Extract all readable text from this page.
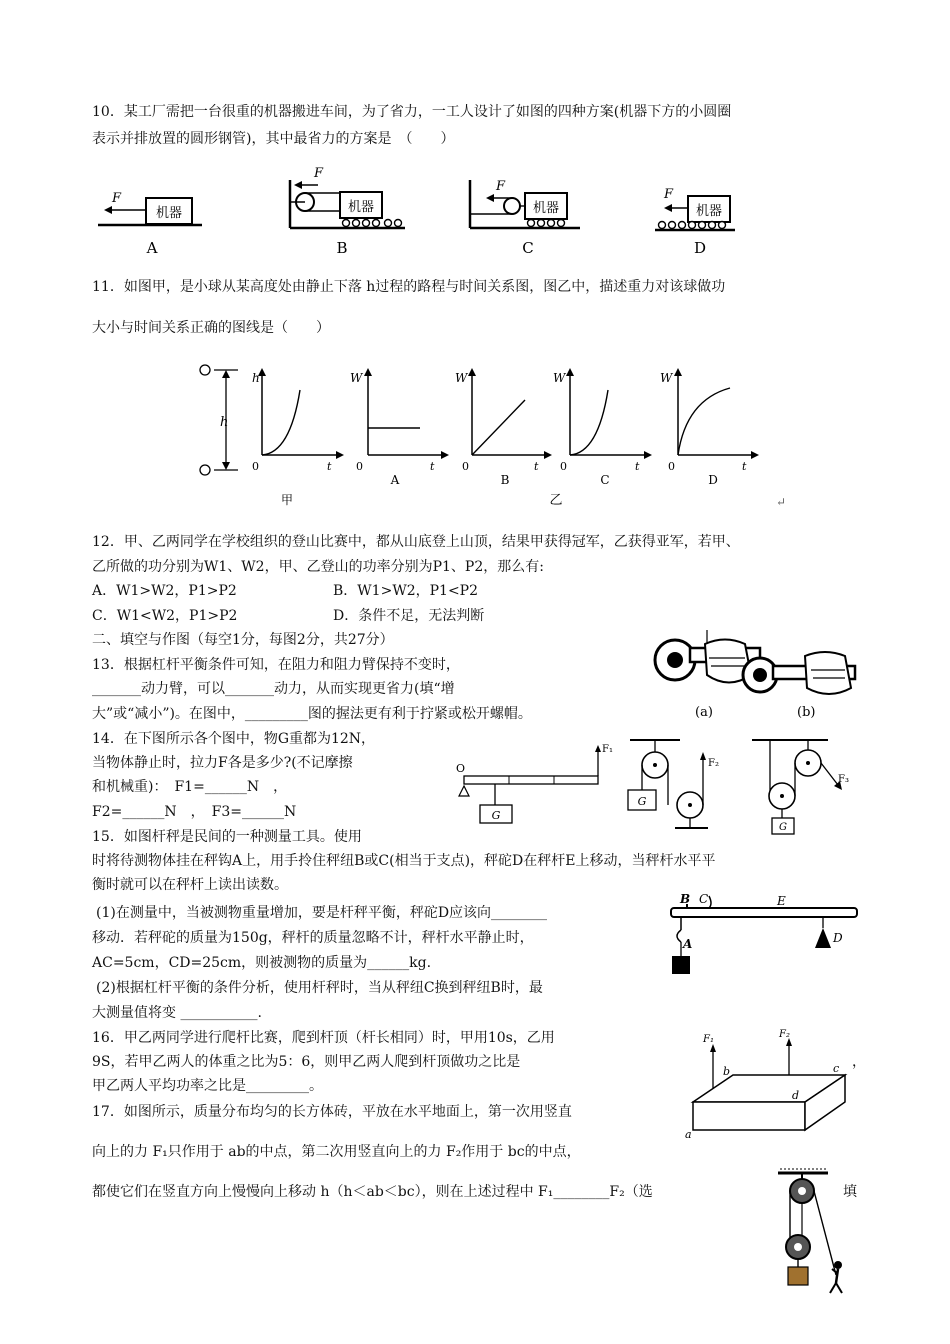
10．某工厂需把一台很重的机器搬进车间，为了省力，一工人设计了如图的四种方案(机器下方的小圆圈
表示并排放置的圆形钢管)，其中最省力的方案是　（　　）
机器
F
A
F
机器
B
F
机器
C
机器
F
D
11．如图甲，是小球从某高度处由静止下落 h过程的路程与时间关系图，图乙中，描述重力对该球做功
大小与时间关系正确的图线是（　　）
h
h
0	t
W
0	t
A
W
0	t
B
W
0	t
C
W
0	t
D
甲	乙	↵
12．甲、乙两同学在学校组织的登山比赛中，都从山底登上山顶，结果甲获得冠军，乙获得亚军，若甲、
乙所做的功分别为W1、W2，甲、乙登山的功率分别为P1、P2，那么有:
A．W1>W2，P1>P2	B．W1>W2，P1<P2
C．W1<W2，P1>P2	D．条件不足，无法判断
二、填空与作图（每空1分，每图2分，共27分）
13．根据杠杆平衡条件可知，在阻力和阻力臂保持不变时，
_______动力臂，可以_______动力，从而实现更省力(填“增
大”或“减小”)。在图中，_________图的握法更有利于拧紧或松开螺帽。	(a)	(b)
14．在下图所示各个图中，物G重都为12N，
当物体静止时，拉力F各是多少?(不记摩擦
和机械重)：　F1=______N　，
F2=______N　，　F3=______N
O
F₁
G
G
F₂
G
F₃
15．如图杆秤是民间的一种测量工具。使用
时将待测物体挂在秤钩A上，用手拎住秤纽B或C(相当于支点)，秤砣D在秤杆E上移动，当秤杆水平平
衡时就可以在秤杆上读出读数。
(1)在测量中，当被测物重量增加，要是杆秤平衡，秤砣D应该向________
移动．若秤砣的质量为150g，秤杆的质量忽略不计，秤杆水平静止时，
AC=5cm，CD=25cm，则被测物的质量为______kg.
(2)根据杠杆平衡的条件分析，使用杆秤时，当从秤纽C换到秤纽B时，最
大测量值将变 ___________.
B C	E
A	D
16．甲乙两同学进行爬杆比赛，爬到杆顶（杆长相同）时，甲用10s，乙用
9S，若甲乙两人的体重之比为5：6，则甲乙两人爬到杆顶做功之比是	，
甲乙两人平均功率之比是_________。
F₁
b
F₂
c
a
d
17．如图所示，质量分布均匀的长方体砖，平放在水平地面上，第一次用竖直
向上的力 F₁只作用于 ab的中点，第二次用竖直向上的力 F₂作用于 bc的中点，
都使它们在竖直方向上慢慢向上移动 h（h＜ab＜bc），则在上述过程中 F₁________F₂（选	填
